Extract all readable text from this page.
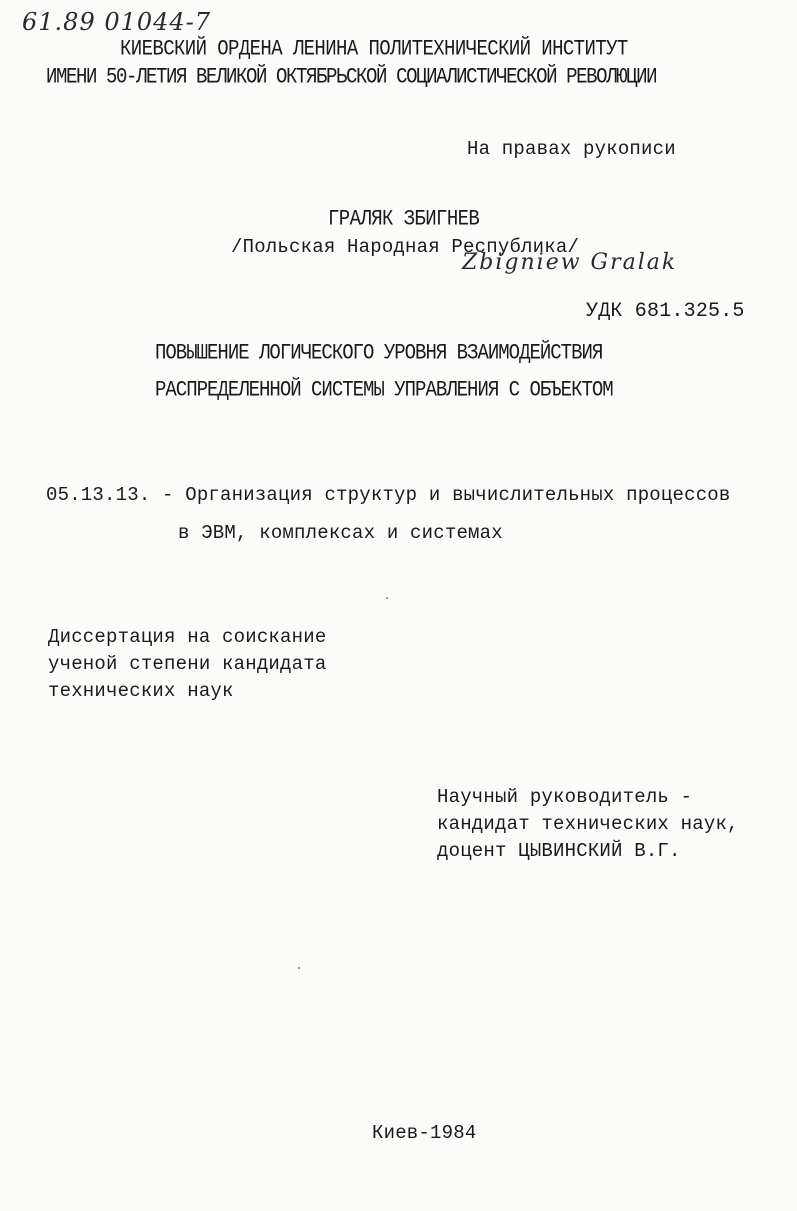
61.89 01044-7
КИЕВСКИЙ ОРДЕНА ЛЕНИНА ПОЛИТЕХНИЧЕСКИЙ ИНСТИТУТ
ИМЕНИ 50-ЛЕТИЯ ВЕЛИКОЙ ОКТЯБРЬСКОЙ СОЦИАЛИСТИЧЕСКОЙ РЕВОЛЮЦИИ
На правах рукописи
ГРАЛЯК ЗБИГНЕВ
/Польская Народная Республика/
Zbigniew Gralak
УДК 681.325.5
ПОВЫШЕНИЕ ЛОГИЧЕСКОГО УРОВНЯ ВЗАИМОДЕЙСТВИЯ
РАСПРЕДЕЛЕННОЙ СИСТЕМЫ УПРАВЛЕНИЯ С ОБЪЕКТОМ
05.13.13. - Организация структур и вычислительных процессов
в ЭВМ, комплексах и системах
Диссертация на соискание
ученой степени кандидата
технических наук
Научный руководитель -
кандидат технических наук,
доцент ЦЫВИНСКИЙ В.Г.
Киев-1984
